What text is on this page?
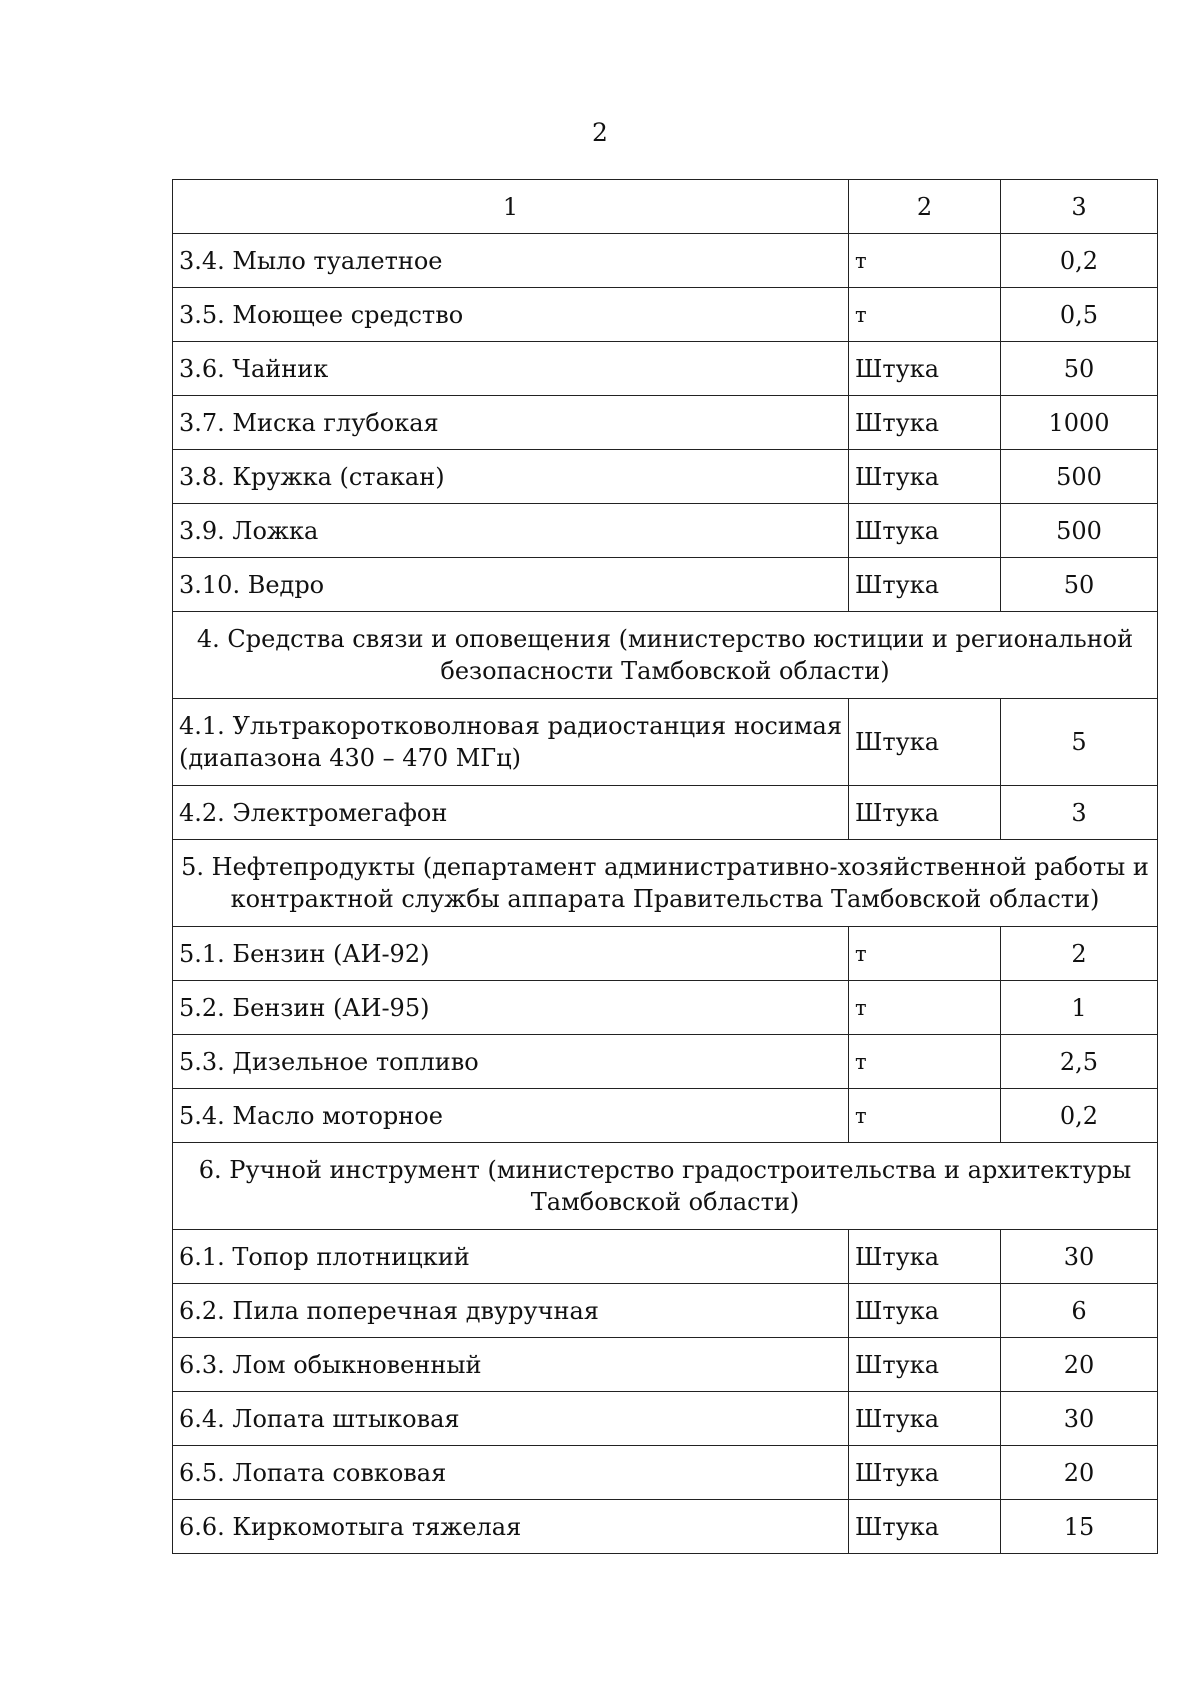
2
1	2	3
3.4. Мыло туалетное	т	0,2
3.5. Моющее средство	т	0,5
3.6. Чайник	Штука	50
3.7. Миска глубокая	Штука	1000
3.8. Кружка (стакан)	Штука	500
3.9. Ложка	Штука	500
3.10. Ведро	Штука	50

4. Средства связи и оповещения (министерство юстиции и региональной
безопасности Тамбовской области)		

4.1. Ультракоротковолновая радиостанция носимая (диапазона 430 – 470 МГц)	Штука	5
4.2. Электромегафон	Штука	3

5. Нефтепродукты (департамент административно-хозяйственной работы и
контрактной службы аппарата Правительства Тамбовской области)		

5.1. Бензин (АИ-92)	т	2
5.2. Бензин (АИ-95)	т	1
5.3. Дизельное топливо	т	2,5
5.4. Масло моторное	т	0,2

6. Ручной инструмент (министерство градостроительства и архитектуры
Тамбовской области)		

6.1. Топор плотницкий	Штука	30
6.2. Пила поперечная двуручная	Штука	6
6.3. Лом обыкновенный	Штука	20
6.4. Лопата штыковая	Штука	30
6.5. Лопата совковая	Штука	20
6.6. Киркомотыга тяжелая	Штука	15
